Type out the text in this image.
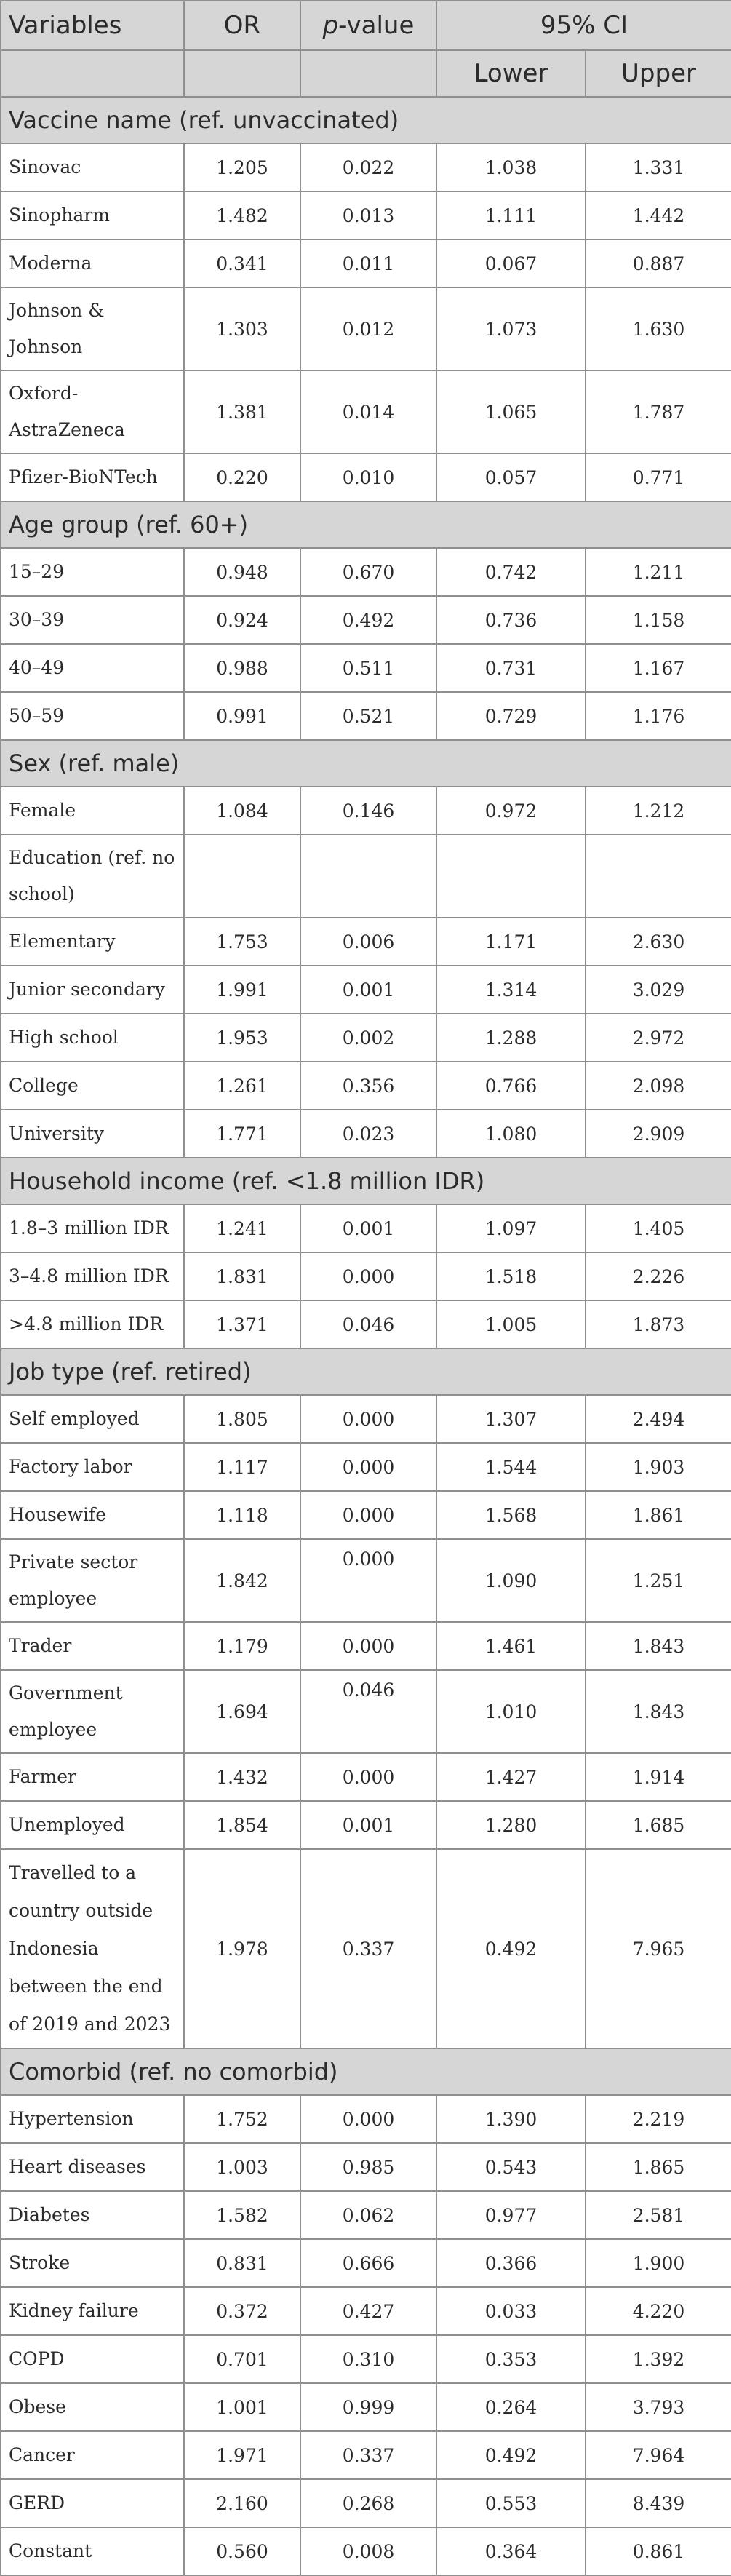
Variables	OR	p-value	95% CI	
			Lower	Upper
Vaccine name (ref. unvaccinated)				
Sinovac	1.205	0.022	1.038	1.331
Sinopharm	1.482	0.013	1.111	1.442
Moderna	0.341	0.011	0.067	0.887
Johnson & Johnson	1.303	0.012	1.073	1.630
Oxford-AstraZeneca	1.381	0.014	1.065	1.787
Pfizer-BioNTech	0.220	0.010	0.057	0.771
Age group (ref. 60+)				
15–29	0.948	0.670	0.742	1.211
30–39	0.924	0.492	0.736	1.158
40–49	0.988	0.511	0.731	1.167
50–59	0.991	0.521	0.729	1.176
Sex (ref. male)				
Female	1.084	0.146	0.972	1.212
Education (ref. no school)				
Elementary	1.753	0.006	1.171	2.630
Junior secondary	1.991	0.001	1.314	3.029
High school	1.953	0.002	1.288	2.972
College	1.261	0.356	0.766	2.098
University	1.771	0.023	1.080	2.909
Household income (ref. <1.8 million IDR)				
1.8–3 million IDR	1.241	0.001	1.097	1.405
3–4.8 million IDR	1.831	0.000	1.518	2.226
>4.8 million IDR	1.371	0.046	1.005	1.873
Job type (ref. retired)				
Self employed	1.805	0.000	1.307	2.494
Factory labor	1.117	0.000	1.544	1.903
Housewife	1.118	0.000	1.568	1.861
Private sector employee	1.842	0.000	1.090	1.251
Trader	1.179	0.000	1.461	1.843
Government employee	1.694	0.046	1.010	1.843
Farmer	1.432	0.000	1.427	1.914
Unemployed	1.854	0.001	1.280	1.685
Travelled to a country outside Indonesia between the end of 2019 and 2023	1.978	0.337	0.492	7.965
Comorbid (ref. no comorbid)				
Hypertension	1.752	0.000	1.390	2.219
Heart diseases	1.003	0.985	0.543	1.865
Diabetes	1.582	0.062	0.977	2.581
Stroke	0.831	0.666	0.366	1.900
Kidney failure	0.372	0.427	0.033	4.220
COPD	0.701	0.310	0.353	1.392
Obese	1.001	0.999	0.264	3.793
Cancer	1.971	0.337	0.492	7.964
GERD	2.160	0.268	0.553	8.439
Constant	0.560	0.008	0.364	0.861
